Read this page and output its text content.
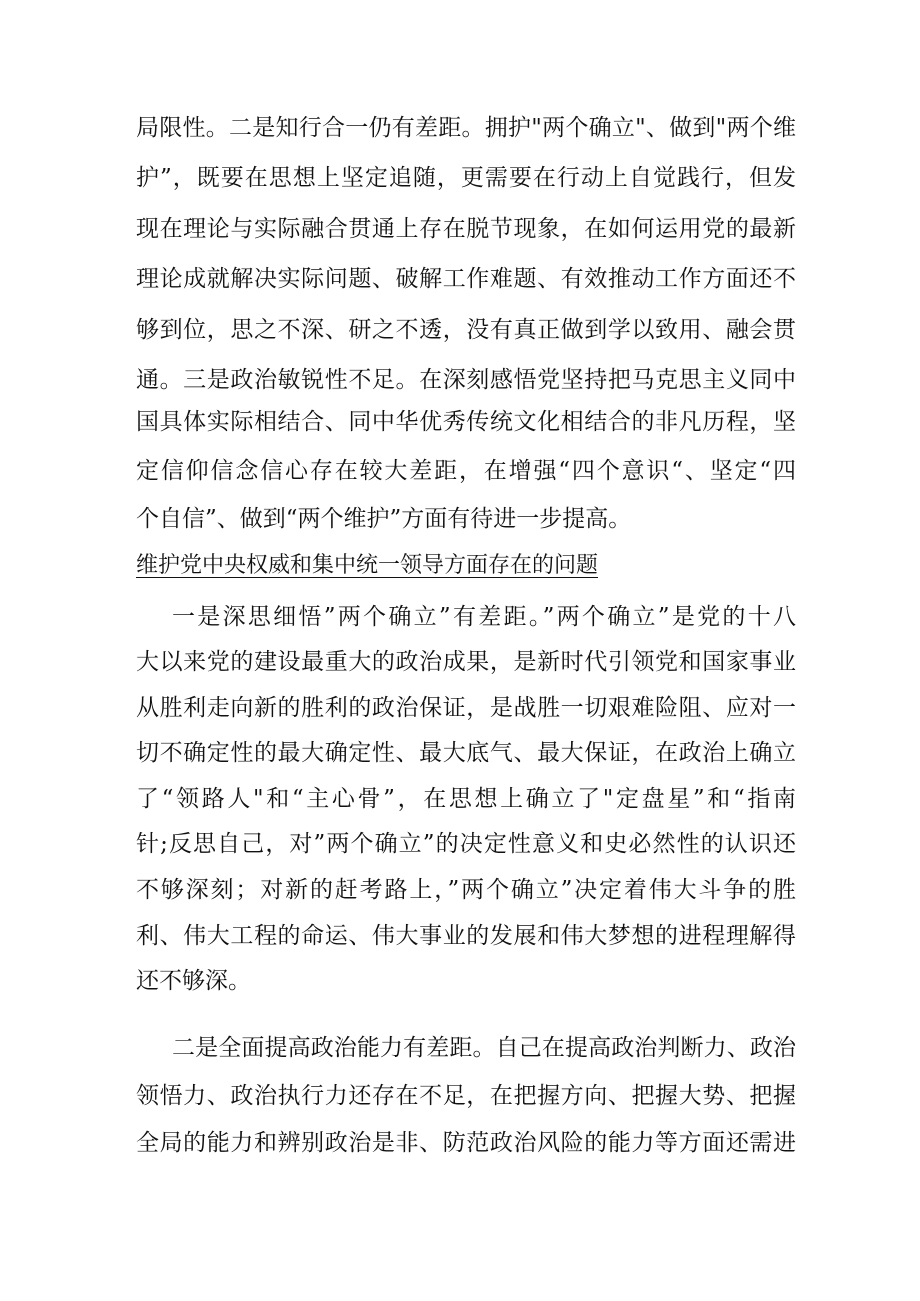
局限性。二是知行合一仍有差距。拥护"两个确立"、做到"两个维
护”，既要在思想上坚定追随，更需要在行动上自觉践行，但发
现在理论与实际融合贯通上存在脱节现象，在如何运用党的最新
理论成就解决实际问题、破解工作难题、有效推动工作方面还不
够到位，思之不深、研之不透，没有真正做到学以致用、融会贯
通。三是政治敏锐性不足。在深刻感悟党坚持把马克思主义同中
国具体实际相结合、同中华优秀传统文化相结合的非凡历程，坚
定信仰信念信心存在较大差距，在增强“四个意识“、坚定“四
个自信”、做到“两个维护”方面有待进一步提高。
维护党中央权威和集中统一领导方面存在的问题
一是深思细悟”两个确立”有差距。”两个确立”是党的十八
大以来党的建设最重大的政治成果，是新时代引领党和国家事业
从胜利走向新的胜利的政治保证，是战胜一切艰难险阻、应对一
切不确定性的最大确定性、最大底气、最大保证，在政治上确立
了“领路人"和“主心骨”，在思想上确立了"定盘星”和“指南
针;反思自己，对”两个确立”的决定性意义和史必然性的认识还
不够深刻；对新的赶考路上，”两个确立”决定着伟大斗争的胜
利、伟大工程的命运、伟大事业的发展和伟大梦想的进程理解得
还不够深。
二是全面提高政治能力有差距。自己在提高政治判断力、政治
领悟力、政治执行力还存在不足，在把握方向、把握大势、把握
全局的能力和辨别政治是非、防范政治风险的能力等方面还需进
